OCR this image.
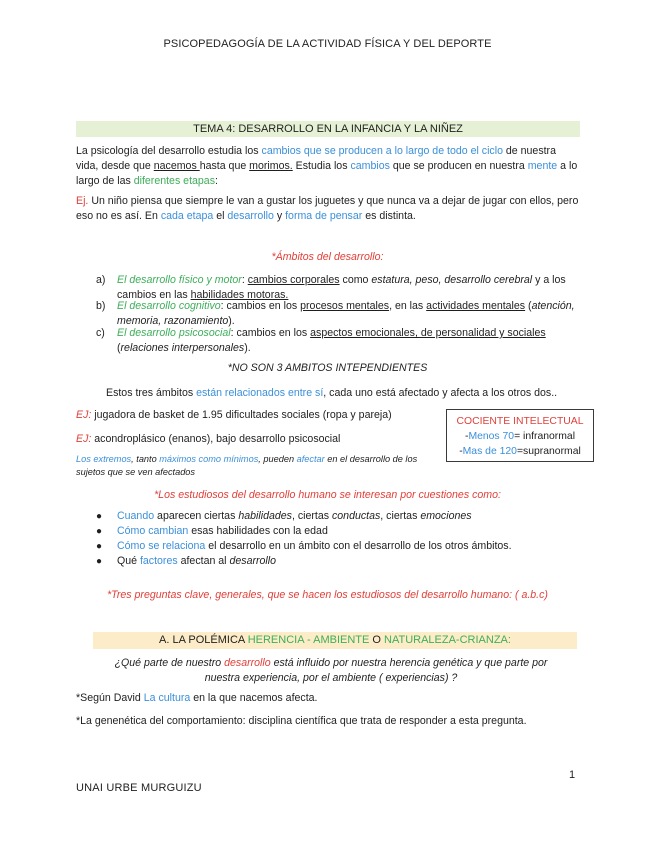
PSICOPEDAGOGÍA DE LA ACTIVIDAD FÍSICA Y DEL DEPORTE
TEMA 4: DESARROLLO EN LA INFANCIA Y LA NIÑEZ
La psicología del desarrollo estudia los cambios que se producen a lo largo de todo el ciclo de nuestra vida, desde que nacemos hasta que morimos. Estudia los cambios que se producen en nuestra mente a lo largo de las diferentes etapas:
Ej. Un niño piensa que siempre le van a gustar los juguetes y que nunca va a dejar de jugar con ellos, pero eso no es así. En cada etapa el desarrollo y forma de pensar es distinta.
*Ámbitos del desarrollo:
a) El desarrollo físico y motor: cambios corporales como estatura, peso, desarrollo cerebral y a los cambios en las habilidades motoras.
b) El desarrollo cognitivo: cambios en los procesos mentales, en las actividades mentales (atención, memoria, razonamiento).
c) El desarrollo psicosocial: cambios en los aspectos emocionales, de personalidad y sociales (relaciones interpersonales).
*NO SON 3 AMBITOS INTEPENDIENTES
Estos tres ámbitos están relacionados entre sí, cada uno está afectado y afecta a los otros dos..
EJ: jugadora de basket de 1.95 dificultades sociales (ropa y pareja)
EJ: acondroplásico (enanos), bajo desarrollo psicosocial
Los extremos, tanto máximos como mínimos, pueden afectar en el desarrollo de los sujetos que se ven afectados
COCIENTE INTELECTUAL
-Menos 70= infranormal
-Mas de 120=supranormal
*Los estudiosos del desarrollo humano se interesan por cuestiones como:
● Cuando aparecen ciertas habilidades, ciertas conductas, ciertas emociones
● Cómo cambian esas habilidades con la edad
● Cómo se relaciona el desarrollo en un ámbito con el desarrollo de los otros ámbitos.
● Qué factores afectan al desarrollo
*Tres preguntas clave, generales, que se hacen los estudiosos del desarrollo humano: ( a.b.c)
A. LA POLÉMICA HERENCIA - AMBIENTE O NATURALEZA-CRIANZA:
¿Qué parte de nuestro desarrollo está influido por nuestra herencia genética y que parte por nuestra experiencia, por el ambiente ( experiencias) ?
*Según David La cultura en la que nacemos afecta.
*La genenética del comportamiento: disciplina científica que trata de responder a esta pregunta.
1
UNAI URBE MURGUIZU
